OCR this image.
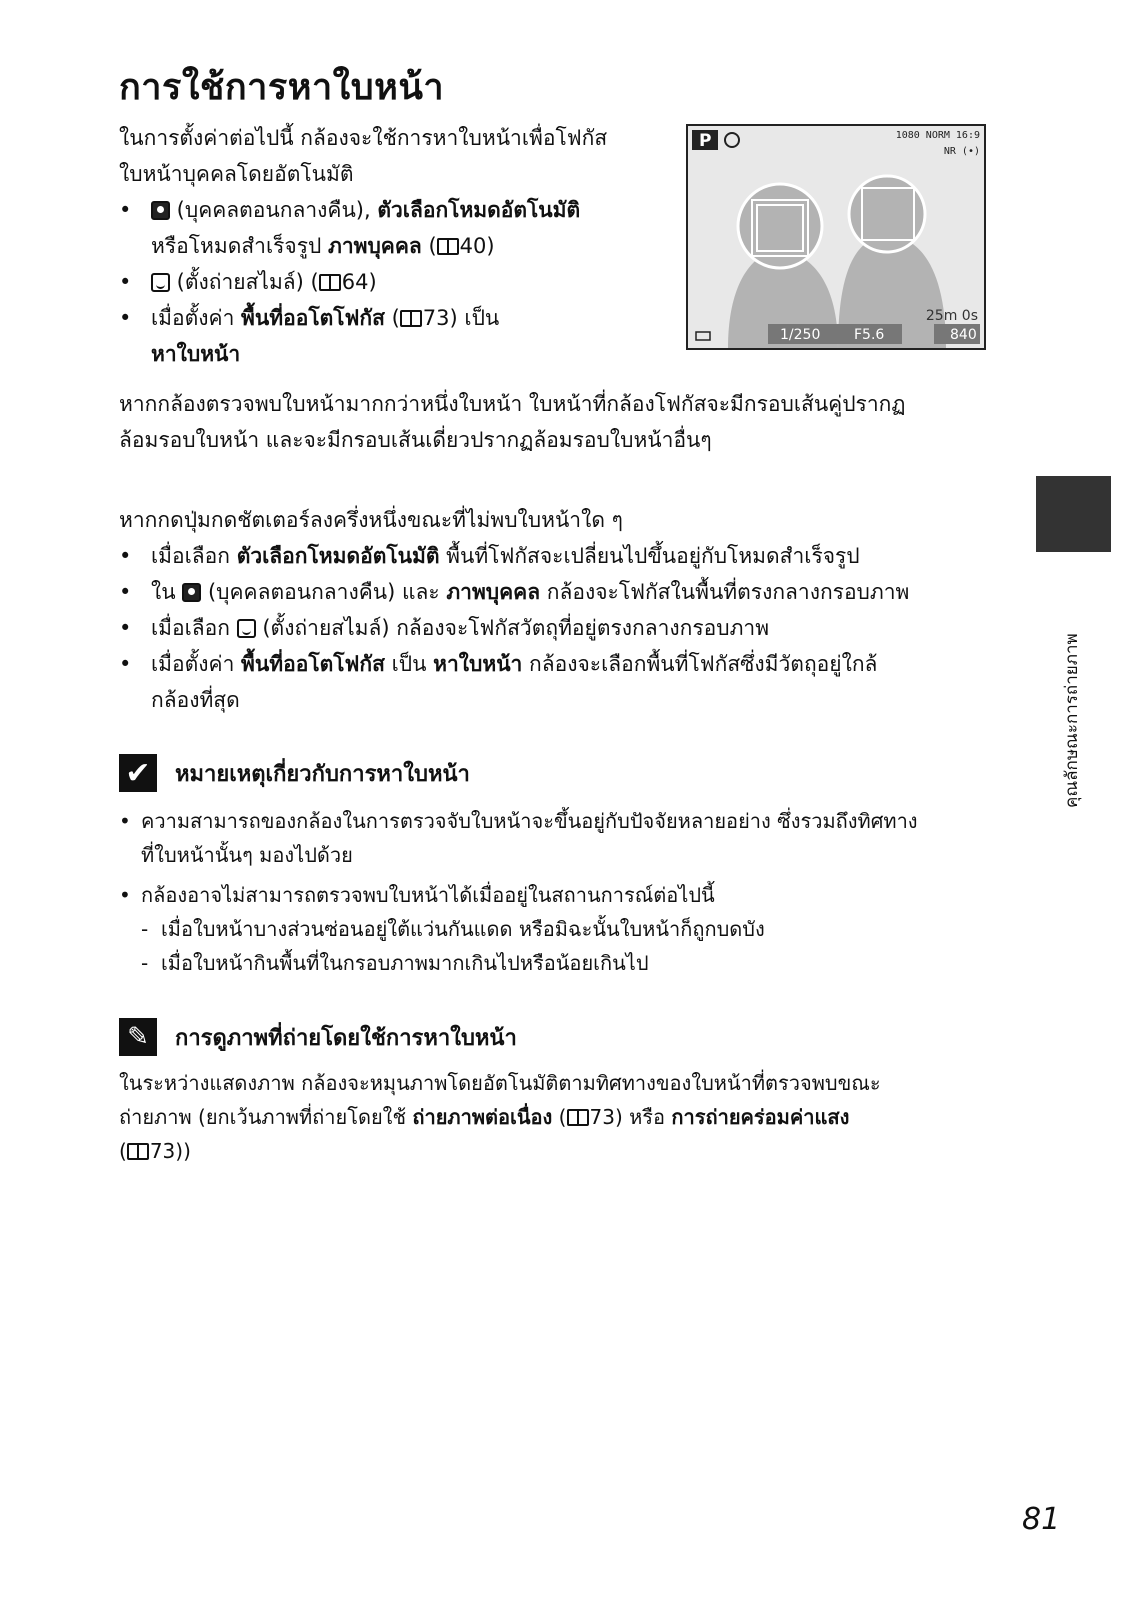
การใช้การหาใบหน้า
ในการตั้งค่าต่อไปนี้ กล้องจะใช้การหาใบหน้าเพื่อโฟกัส
ใบหน้าบุคคลโดยอัตโนมัติ
• (บุคคลตอนกลางคืน), ตัวเลือกโหมดอัตโนมัติ
หรือโหมดสำเร็จรูป ภาพบุคคล ( 40)
• (ตั้งถ่ายสไมล์) ( 64)
• เมื่อตั้งค่า พื้นที่ออโตโฟกัส ( 73) เป็น
หาใบหน้า
P	1080 NORM 16:9
NR (•)
25m 0s
1/250 F5.6	840
หากกล้องตรวจพบใบหน้ามากกว่าหนึ่งใบหน้า ใบหน้าที่กล้องโฟกัสจะมีกรอบเส้นคู่ปรากฏ
ล้อมรอบใบหน้า และจะมีกรอบเส้นเดี่ยวปรากฏล้อมรอบใบหน้าอื่นๆ
หากกดปุ่มกดชัตเตอร์ลงครึ่งหนึ่งขณะที่ไม่พบใบหน้าใด ๆ
• เมื่อเลือก ตัวเลือกโหมดอัตโนมัติ พื้นที่โฟกัสจะเปลี่ยนไปขึ้นอยู่กับโหมดสำเร็จรูป
• ใน  (บุคคลตอนกลางคืน) และ ภาพบุคคล กล้องจะโฟกัสในพื้นที่ตรงกลางกรอบภาพ
• เมื่อเลือก  (ตั้งถ่ายสไมล์) กล้องจะโฟกัสวัตถุที่อยู่ตรงกลางกรอบภาพ
• เมื่อตั้งค่า พื้นที่ออโตโฟกัส เป็น หาใบหน้า กล้องจะเลือกพื้นที่โฟกัสซึ่งมีวัตถุอยู่ใกล้
กล้องที่สุด
✔ หมายเหตุเกี่ยวกับการหาใบหน้า
• ความสามารถของกล้องในการตรวจจับใบหน้าจะขึ้นอยู่กับปัจจัยหลายอย่าง ซึ่งรวมถึงทิศทาง
ที่ใบหน้านั้นๆ มองไปด้วย
• กล้องอาจไม่สามารถตรวจพบใบหน้าได้เมื่ออยู่ในสถานการณ์ต่อไปนี้
-  เมื่อใบหน้าบางส่วนซ่อนอยู่ใต้แว่นกันแดด หรือมิฉะนั้นใบหน้าก็ถูกบดบัง
-  เมื่อใบหน้ากินพื้นที่ในกรอบภาพมากเกินไปหรือน้อยเกินไป
✎	การดูภาพที่ถ่ายโดยใช้การหาใบหน้า
ในระหว่างแสดงภาพ กล้องจะหมุนภาพโดยอัตโนมัติตามทิศทางของใบหน้าที่ตรวจพบขณะ
ถ่ายภาพ (ยกเว้นภาพที่ถ่ายโดยใช้ ถ่ายภาพต่อเนื่อง ( 73) หรือ การถ่ายคร่อมค่าแสง
( 73))
คุณลักษณะการถ่ายภาพ
81
